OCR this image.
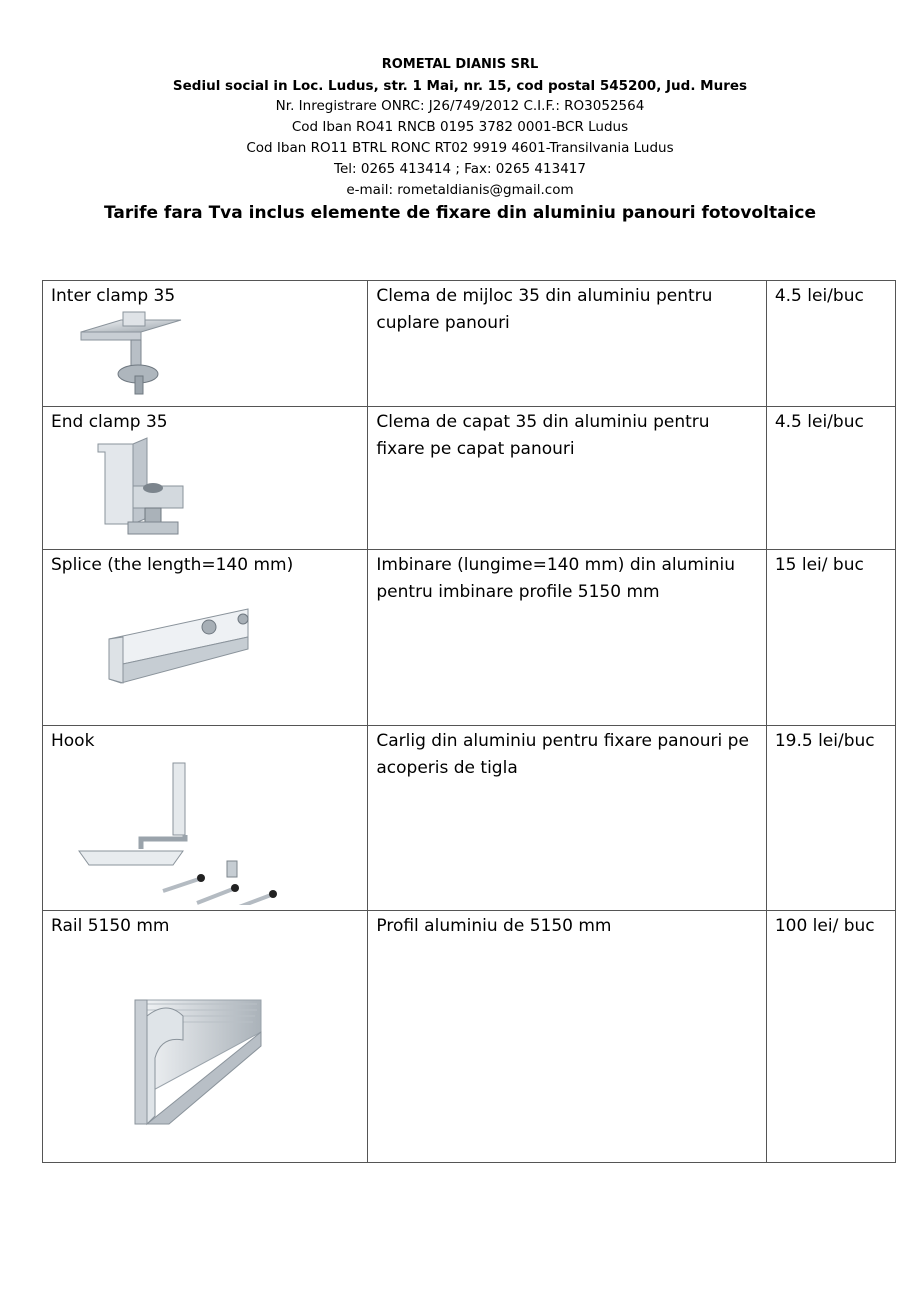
ROMETAL DIANIS SRL
Sediul social in Loc. Ludus, str. 1 Mai, nr. 15, cod postal 545200, Jud. Mures
Nr. Inregistrare ONRC: J26/749/2012 C.I.F.: RO3052564
Cod Iban RO41 RNCB 0195 3782 0001-BCR Ludus
Cod Iban RO11 BTRL RONC RT02 9919 4601-Transilvania Ludus
Tel: 0265 413414 ; Fax: 0265 413417
e-mail: rometaldianis@gmail.com
Tarife fara Tva inclus elemente de fixare din aluminiu panouri fotovoltaice
Inter clamp 35	Clema de mijloc 35 din aluminiu pentru cuplare panouri	4.5 lei/buc

End clamp 35	Clema de capat 35 din aluminiu pentru fixare pe capat panouri	4.5 lei/buc

Splice (the length=140 mm)	Imbinare (lungime=140 mm) din aluminiu pentru imbinare profile 5150 mm	15 lei/ buc

Hook	Carlig din aluminiu pentru fixare panouri pe acoperis de tigla	19.5 lei/buc

Rail 5150 mm	Profil aluminiu de 5150 mm	100 lei/ buc
